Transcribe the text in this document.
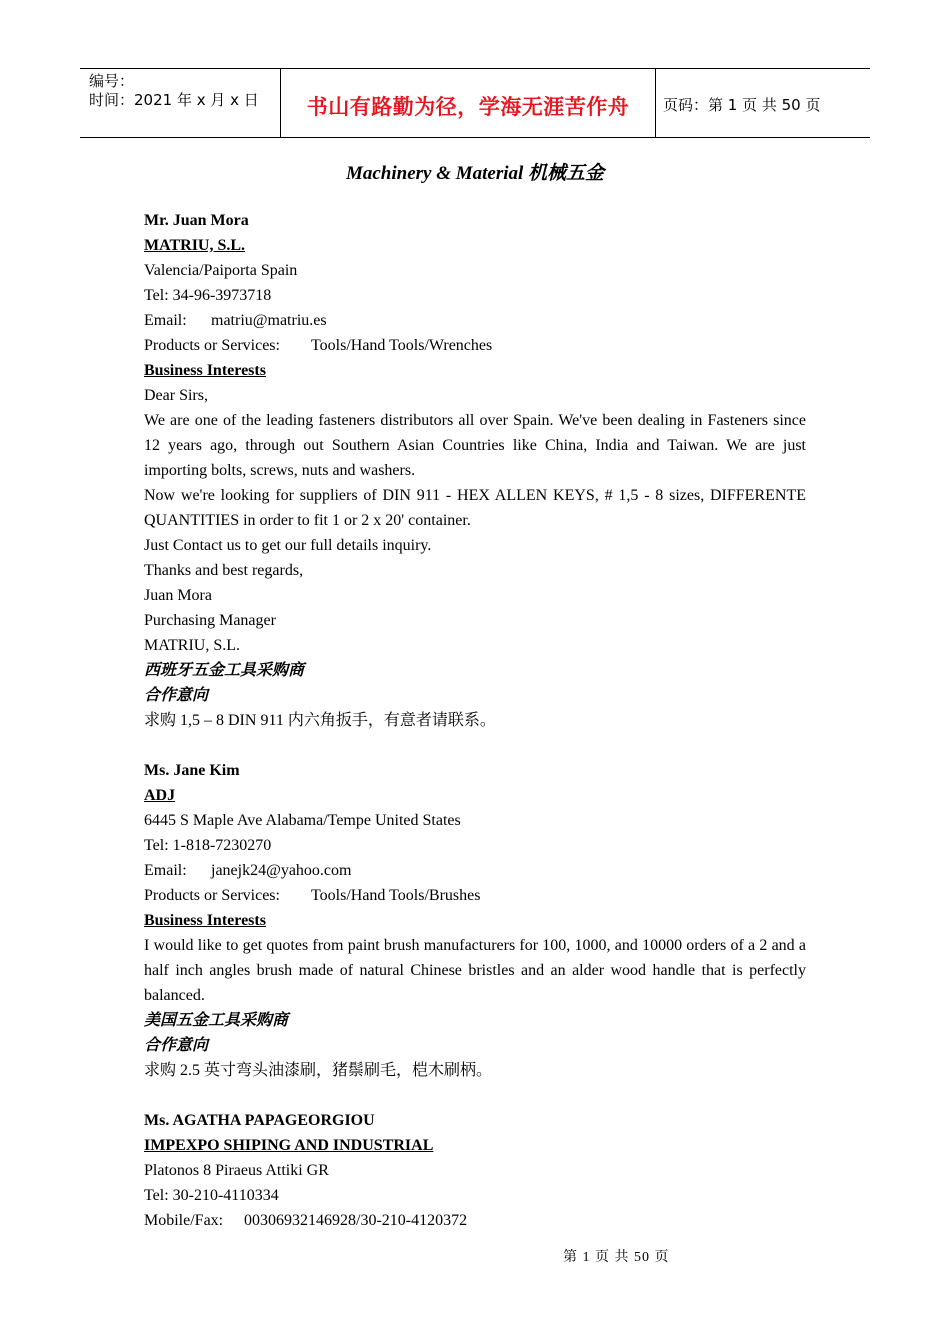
编号：
时间：2021 年 x 月 x 日	书山有路勤为径，学海无涯苦作舟	页码：第 1 页 共 50 页
Machinery & Material 机械五金
Mr. Juan Mora
MATRIU, S.L.
Valencia/Paiporta Spain
Tel: 34-96-3973718
Email: matriu@matriu.es
Products or Services: Tools/Hand Tools/Wrenches
Business Interests
Dear Sirs,
We are one of the leading fasteners distributors all over Spain. We've been dealing in Fasteners since 12 years ago, through out Southern Asian Countries like China, India and Taiwan. We are just importing bolts, screws, nuts and washers.
Now we're looking for suppliers of DIN 911 - HEX ALLEN KEYS, # 1,5 - 8 sizes, DIFFERENTE QUANTITIES in order to fit 1 or 2 x 20' container.
Just Contact us to get our full details inquiry.
Thanks and best regards,
Juan Mora
Purchasing Manager
MATRIU, S.L.
西班牙五金工具采购商
合作意向
求购 1,5 – 8 DIN 911 内六角扳手，有意者请联系。
Ms. Jane Kim
ADJ
6445 S Maple Ave Alabama/Tempe United States
Tel: 1-818-7230270
Email: janejk24@yahoo.com
Products or Services: Tools/Hand Tools/Brushes
Business Interests
I would like to get quotes from paint brush manufacturers for 100, 1000, and 10000 orders of a 2 and a half inch angles brush made of natural Chinese bristles and an alder wood handle that is perfectly balanced.
美国五金工具采购商
合作意向
求购 2.5 英寸弯头油漆刷，猪鬃刷毛，桤木刷柄。
Ms. AGATHA PAPAGEORGIOU
IMPEXPO SHIPING AND INDUSTRIAL
Platonos 8 Piraeus Attiki GR
Tel: 30-210-4110334
Mobile/Fax: 00306932146928/30-210-4120372
第 1 页 共 50 页
